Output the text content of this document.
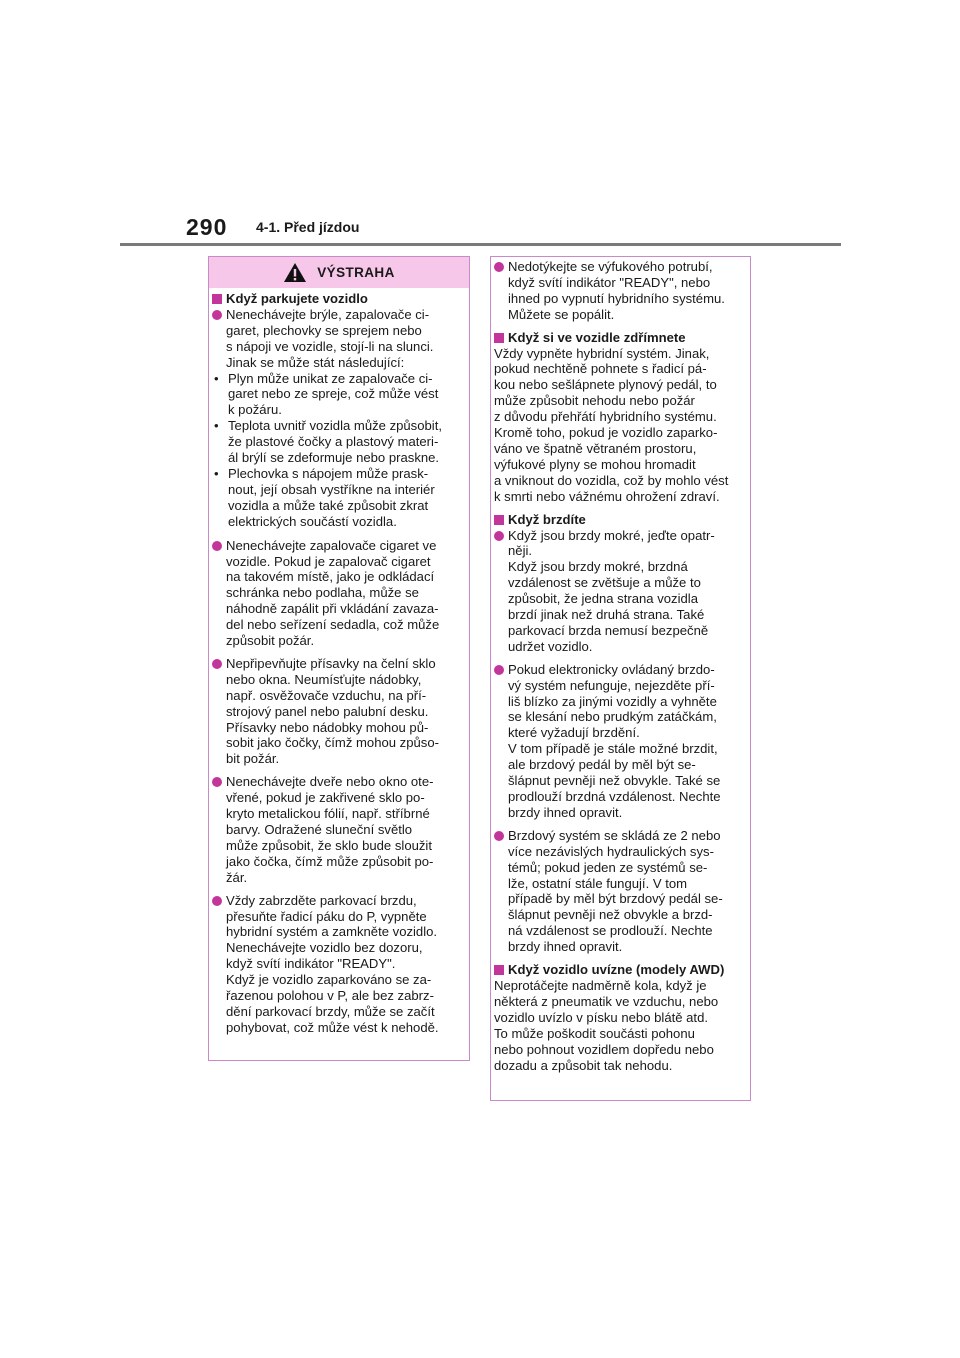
290 4-1. Před jízdou
VÝSTRAHA
Když parkujete vozidlo
Nenechávejte brýle, zapalovače ci-
garet, plechovky se sprejem nebo
s nápoji ve vozidle, stojí-li na slunci.
Jinak se může stát následující:
• Plyn může unikat ze zapalovače ci-
garet nebo ze spreje, což může vést
k požáru.
• Teplota uvnitř vozidla může způsobit,
že plastové čočky a plastový materi-
ál brýlí se zdeformuje nebo praskne.
• Plechovka s nápojem může prask-
nout, její obsah vystříkne na interiér
vozidla a může také způsobit zkrat
elektrických součástí vozidla.
Nenechávejte zapalovače cigaret ve
vozidle. Pokud je zapalovač cigaret
na takovém místě, jako je odkládací
schránka nebo podlaha, může se
náhodně zapálit při vkládání zavaza-
del nebo seřízení sedadla, což může
způsobit požár.
Nepřipevňujte přísavky na čelní sklo
nebo okna. Neumísťujte nádobky,
např. osvěžovače vzduchu, na pří-
strojový panel nebo palubní desku.
Přísavky nebo nádobky mohou pů-
sobit jako čočky, čímž mohou způso-
bit požár.
Nenechávejte dveře nebo okno ote-
vřené, pokud je zakřivené sklo po-
kryto metalickou fólií, např. stříbrné
barvy. Odražené sluneční světlo
může způsobit, že sklo bude sloužit
jako čočka, čímž může způsobit po-
žár.
Vždy zabrzděte parkovací brzdu,
přesuňte řadicí páku do P, vypněte
hybridní systém a zamkněte vozidlo.
Nenechávejte vozidlo bez dozoru,
když svítí indikátor "READY".
Když je vozidlo zaparkováno se za-
řazenou polohou v P, ale bez zabrz-
dění parkovací brzdy, může se začít
pohybovat, což může vést k nehodě.
Nedotýkejte se výfukového potrubí,
když svítí indikátor "READY", nebo
ihned po vypnutí hybridního systému.
Můžete se popálit.
Když si ve vozidle zdřímnete
Vždy vypněte hybridní systém. Jinak,
pokud nechtěně pohnete s řadicí pá-
kou nebo sešlápnete plynový pedál, to
může způsobit nehodu nebo požár
z důvodu přehřátí hybridního systému.
Kromě toho, pokud je vozidlo zaparko-
váno ve špatně větraném prostoru,
výfukové plyny se mohou hromadit
a vniknout do vozidla, což by mohlo vést
k smrti nebo vážnému ohrožení zdraví.
Když brzdíte
Když jsou brzdy mokré, jeďte opatr-
něji.
Když jsou brzdy mokré, brzdná
vzdálenost se zvětšuje a může to
způsobit, že jedna strana vozidla
brzdí jinak než druhá strana. Také
parkovací brzda nemusí bezpečně
udržet vozidlo.
Pokud elektronicky ovládaný brzdo-
vý systém nefunguje, nejezděte pří-
liš blízko za jinými vozidly a vyhněte
se klesání nebo prudkým zatáčkám,
které vyžadují brzdění.
V tom případě je stále možné brzdit,
ale brzdový pedál by měl být se-
šlápnut pevněji než obvykle. Také se
prodlouží brzdná vzdálenost. Nechte
brzdy ihned opravit.
Brzdový systém se skládá ze 2 nebo
více nezávislých hydraulických sys-
témů; pokud jeden ze systémů se-
lže, ostatní stále fungují. V tom
případě by měl být brzdový pedál se-
šlápnut pevněji než obvykle a brzd-
ná vzdálenost se prodlouží. Nechte
brzdy ihned opravit.
Když vozidlo uvízne (modely AWD)
Neprotáčejte nadměrně kola, když je
některá z pneumatik ve vzduchu, nebo
vozidlo uvízlo v písku nebo blátě atd.
To může poškodit součásti pohonu
nebo pohnout vozidlem dopředu nebo
dozadu a způsobit tak nehodu.
